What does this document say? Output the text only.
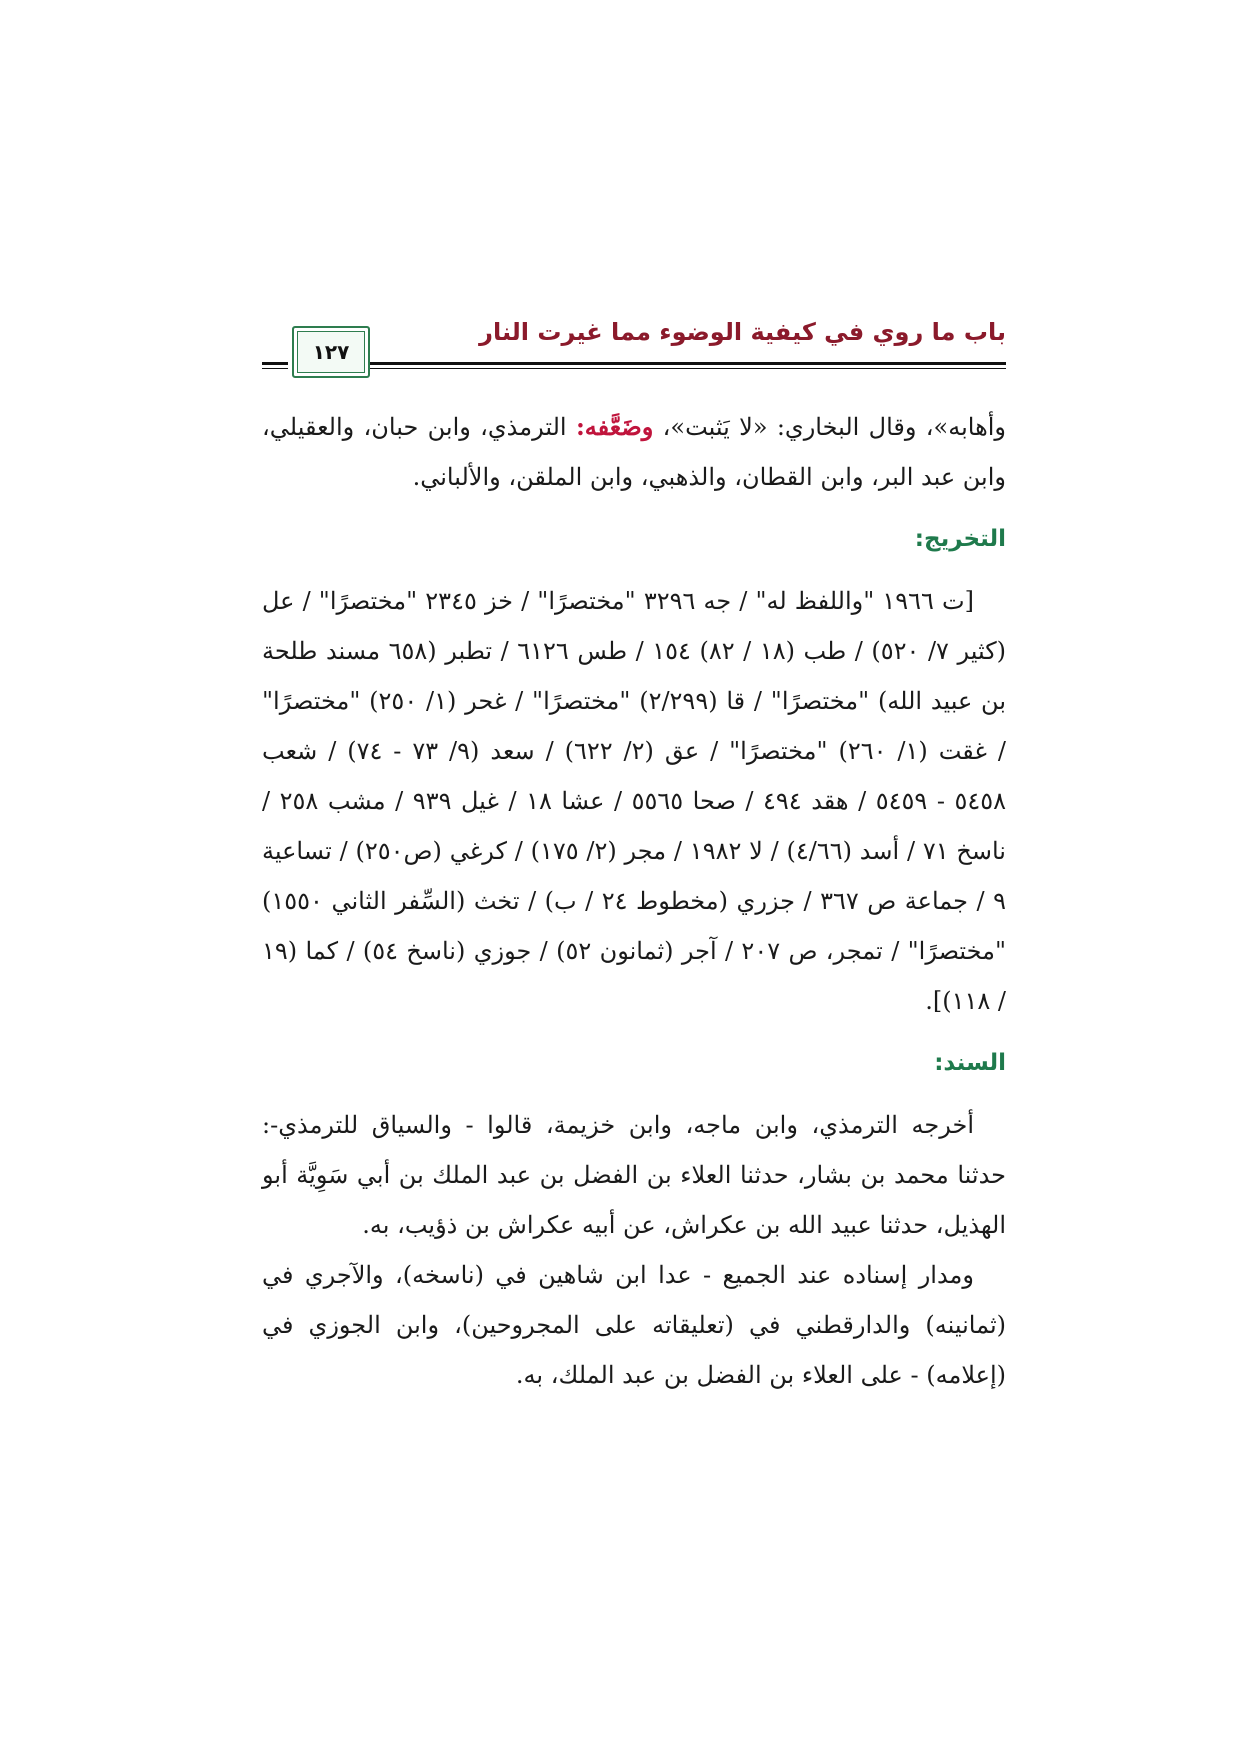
باب ما روي في كيفية الوضوء مما غيرت النار
١٢٧

وأهابه»، وقال البخاري: «لا يَثبت»، وضَعَّفه: الترمذي، وابن حبان، والعقيلي، وابن عبد البر، وابن القطان، والذهبي، وابن الملقن، والألباني.

التخريج:

[ت ١٩٦٦ "واللفظ له" / جه ٣٢٩٦ "مختصرًا" / خز ٢٣٤٥ "مختصرًا" / عل (كثير ٧/ ٥٢٠) / طب (١٨ / ٨٢) ١٥٤ / طس ٦١٢٦ / تطبر (٦٥٨ مسند طلحة بن عبيد الله) "مختصرًا" / قا (٢/٢٩٩) "مختصرًا" / غحر (١/ ٢٥٠) "مختصرًا" / غقت (١/ ٢٦٠) "مختصرًا" / عق (٢/ ٦٢٢) / سعد (٩/ ٧٣ - ٧٤) / شعب ٥٤٥٨ - ٥٤٥٩ / هقد ٤٩٤ / صحا ٥٥٦٥ / عشا ١٨ / غيل ٩٣٩ / مشب ٢٥٨ / ناسخ ٧١ / أسد (٤/٦٦) / لا ١٩٨٢ / مجر (٢/ ١٧٥) / كرغي (ص٢٥٠) / تساعية ٩ / جماعة ص ٣٦٧ / جزري (مخطوط ٢٤ / ب) / تخث (السِّفر الثاني ١٥٥٠) "مختصرًا" / تمجر، ص ٢٠٧ / آجر (ثمانون ٥٢) / جوزي (ناسخ ٥٤) / كما (١٩ / ١١٨)].

السند:

أخرجه الترمذي، وابن ماجه، وابن خزيمة، قالوا - والسياق للترمذي-: حدثنا محمد بن بشار، حدثنا العلاء بن الفضل بن عبد الملك بن أبي سَوِيَّة أبو الهذيل، حدثنا عبيد الله بن عكراش، عن أبيه عكراش بن ذؤيب، به.

ومدار إسناده عند الجميع - عدا ابن شاهين في (ناسخه)، والآجري في (ثمانينه) والدارقطني في (تعليقاته على المجروحين)، وابن الجوزي في (إعلامه) - على العلاء بن الفضل بن عبد الملك، به.
